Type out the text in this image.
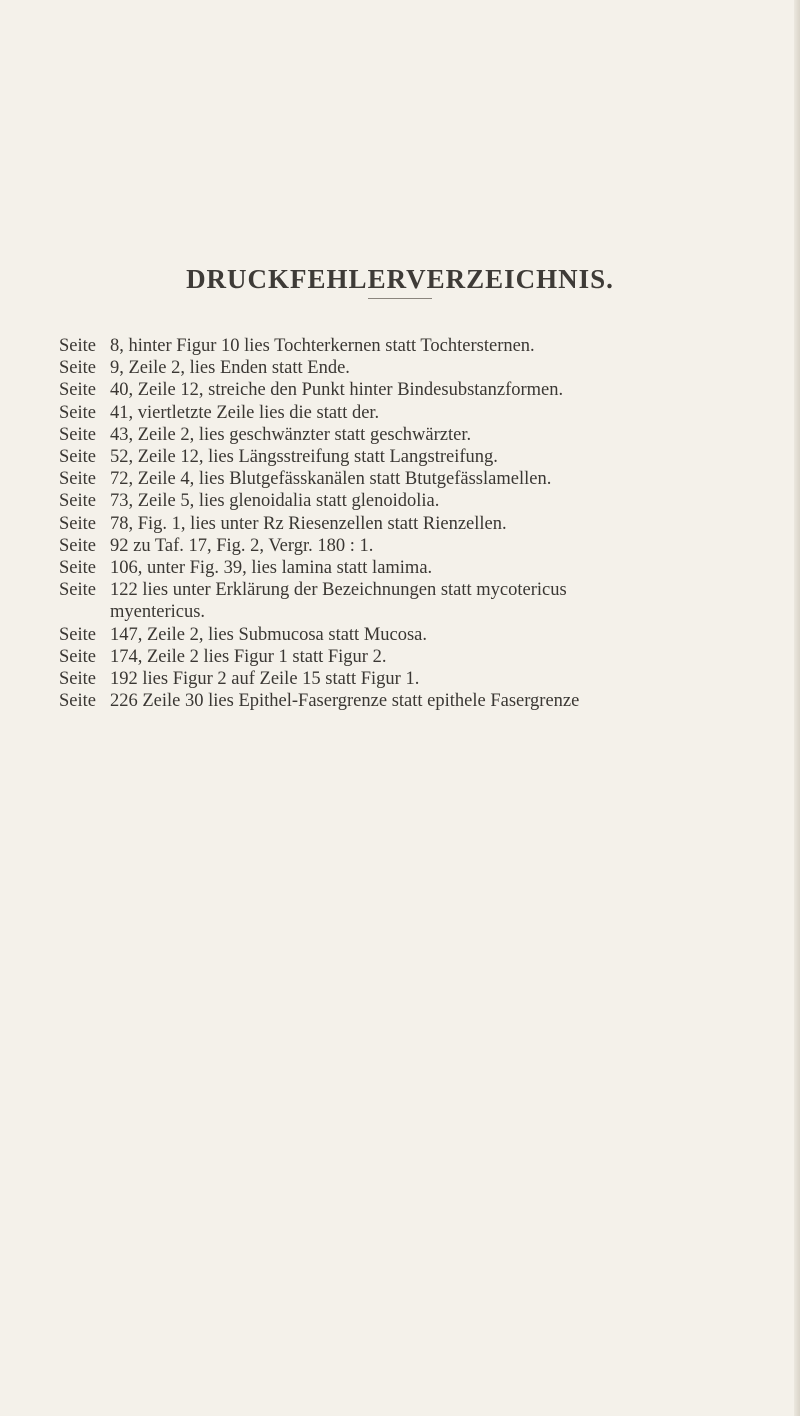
DRUCKFEHLERVERZEICHNIS.
Seite 8, hinter Figur 10 lies Tochterkernen statt Tochtersternen.
Seite 9, Zeile 2, lies Enden statt Ende.
Seite 40, Zeile 12, streiche den Punkt hinter Bindesubstanzformen.
Seite 41, viertletzte Zeile lies die statt der.
Seite 43, Zeile 2, lies geschwänzter statt geschwärzter.
Seite 52, Zeile 12, lies Längsstreifung statt Langstreifung.
Seite 72, Zeile 4, lies Blutgefässkanälen statt Btutgefässlamellen.
Seite 73, Zeile 5, lies glenoidalia statt glenoidolia.
Seite 78, Fig. 1, lies unter Rz Riesenzellen statt Rienzellen.
Seite 92 zu Taf. 17, Fig. 2, Vergr. 180 : 1.
Seite 106, unter Fig. 39, lies lamina statt lamima.
Seite 122 lies unter Erklärung der Bezeichnungen statt mycotericus
myentericus.
Seite 147, Zeile 2, lies Submucosa statt Mucosa.
Seite 174, Zeile 2 lies Figur 1 statt Figur 2.
Seite 192 lies Figur 2 auf Zeile 15 statt Figur 1.
Seite 226 Zeile 30 lies Epithel-Fasergrenze statt epithele Fasergrenze
